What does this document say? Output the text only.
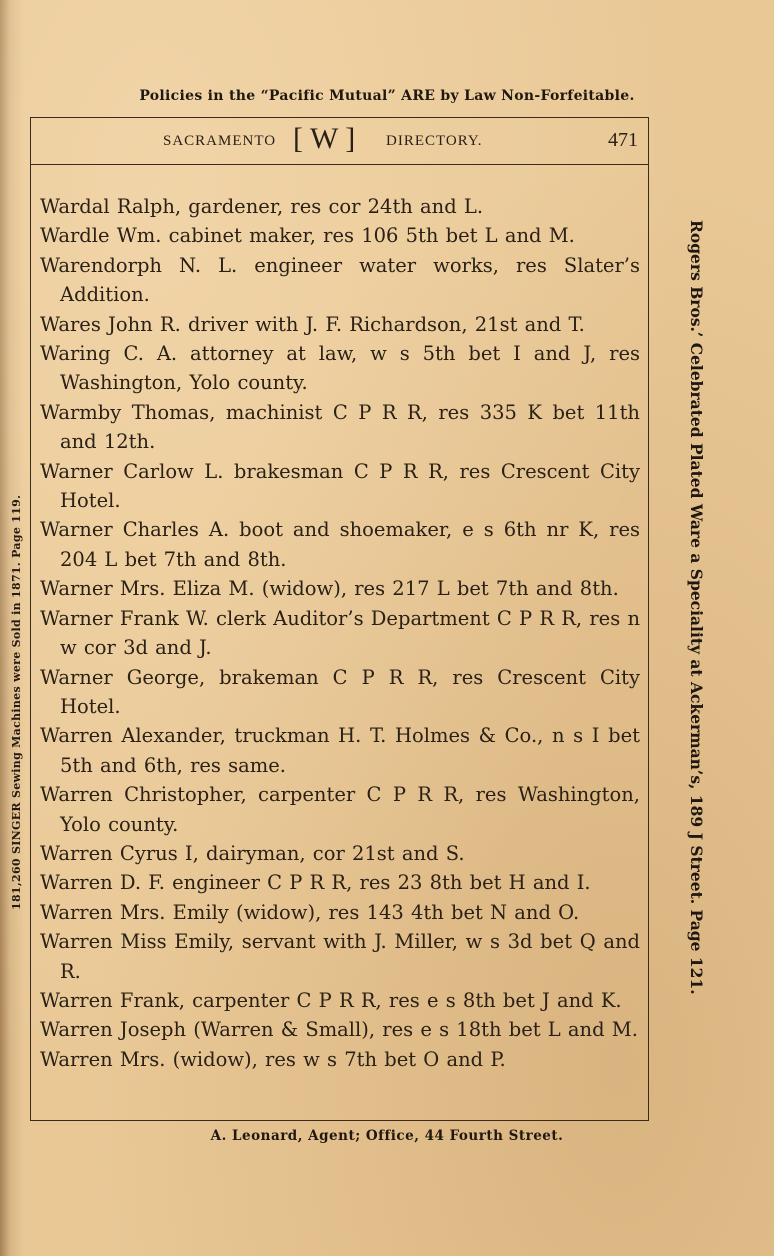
Policies in the “Pacific Mutual” ARE by Law Non-Forfeitable.
SACRAMENTO [ W ] DIRECTORY.	471
Wardal Ralph, gardener, res cor 24th and L.
Wardle Wm. cabinet maker, res 106 5th bet L and M.
Warendorph N. L. engineer water works, res Slater’s Addition.
Wares John R. driver with J. F. Richardson, 21st and T.
Waring C. A. attorney at law, w s 5th bet I and J, res Washington, Yolo county.
Warmby Thomas, machinist C P R R, res 335 K bet 11th and 12th.
Warner Carlow L. brakesman C P R R, res Crescent City Hotel.
Warner Charles A. boot and shoemaker, e s 6th nr K, res 204 L bet 7th and 8th.
Warner Mrs. Eliza M. (widow), res 217 L bet 7th and 8th.
Warner Frank W. clerk Auditor’s Department C P R R, res n w cor 3d and J.
Warner George, brakeman C P R R, res Crescent City Hotel.
Warren Alexander, truckman H. T. Holmes & Co., n s I bet 5th and 6th, res same.
Warren Christopher, carpenter C P R R, res Washington, Yolo county.
Warren Cyrus I, dairyman, cor 21st and S.
Warren D. F. engineer C P R R, res 23 8th bet H and I.
Warren Mrs. Emily (widow), res 143 4th bet N and O.
Warren Miss Emily, servant with J. Miller, w s 3d bet Q and R.
Warren Frank, carpenter C P R R, res e s 8th bet J and K.
Warren Joseph (Warren & Small), res e s 18th bet L and M.
Warren Mrs. (widow), res w s 7th bet O and P.
Rogers Bros.’ Celebrated Plated Ware a Speciality at Ackerman’s, 189 J Street. Page 121.
181,260 SINGER Sewing Machines were Sold in 1871. Page 119.
A. Leonard, Agent; Office, 44 Fourth Street.
